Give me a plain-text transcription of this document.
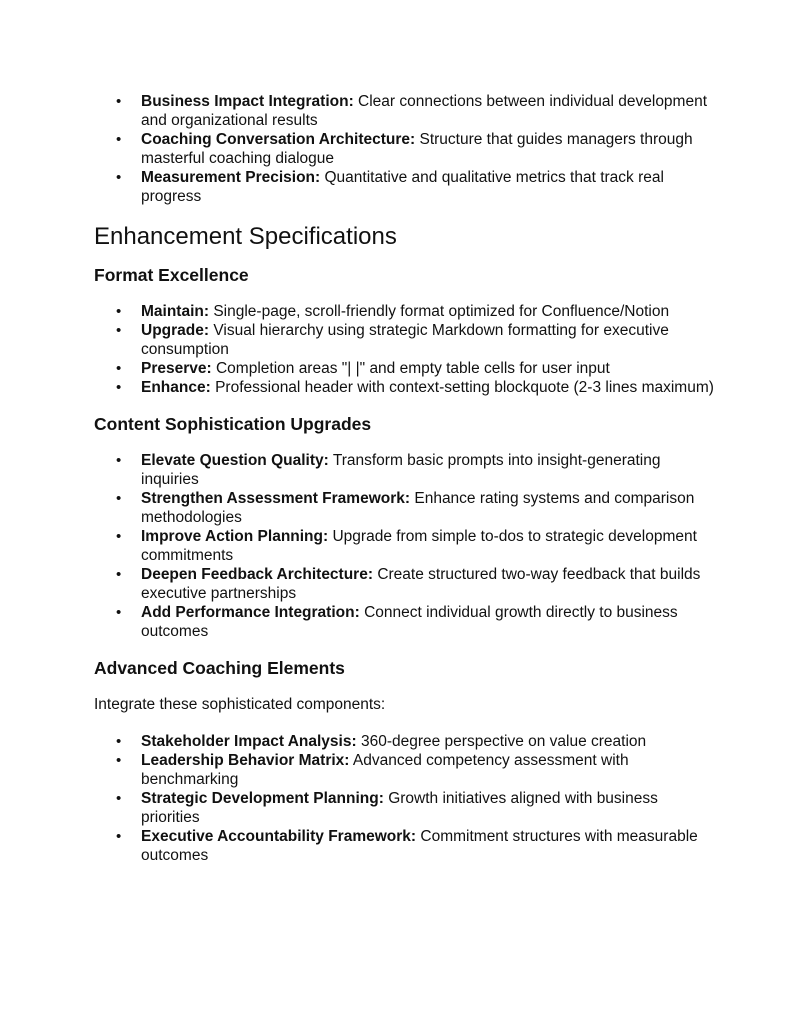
• Business Impact Integration: Clear connections between individual development and organizational results
• Coaching Conversation Architecture: Structure that guides managers through masterful coaching dialogue
• Measurement Precision: Quantitative and qualitative metrics that track real progress
Enhancement Specifications
Format Excellence
• Maintain: Single-page, scroll-friendly format optimized for Confluence/Notion
• Upgrade: Visual hierarchy using strategic Markdown formatting for executive consumption
• Preserve: Completion areas "| |" and empty table cells for user input
• Enhance: Professional header with context-setting blockquote (2-3 lines maximum)
Content Sophistication Upgrades
• Elevate Question Quality: Transform basic prompts into insight-generating inquiries
• Strengthen Assessment Framework: Enhance rating systems and comparison methodologies
• Improve Action Planning: Upgrade from simple to-dos to strategic development commitments
• Deepen Feedback Architecture: Create structured two-way feedback that builds executive partnerships
• Add Performance Integration: Connect individual growth directly to business outcomes
Advanced Coaching Elements

Integrate these sophisticated components:

• Stakeholder Impact Analysis: 360-degree perspective on value creation
• Leadership Behavior Matrix: Advanced competency assessment with benchmarking
• Strategic Development Planning: Growth initiatives aligned with business priorities
• Executive Accountability Framework: Commitment structures with measurable outcomes
